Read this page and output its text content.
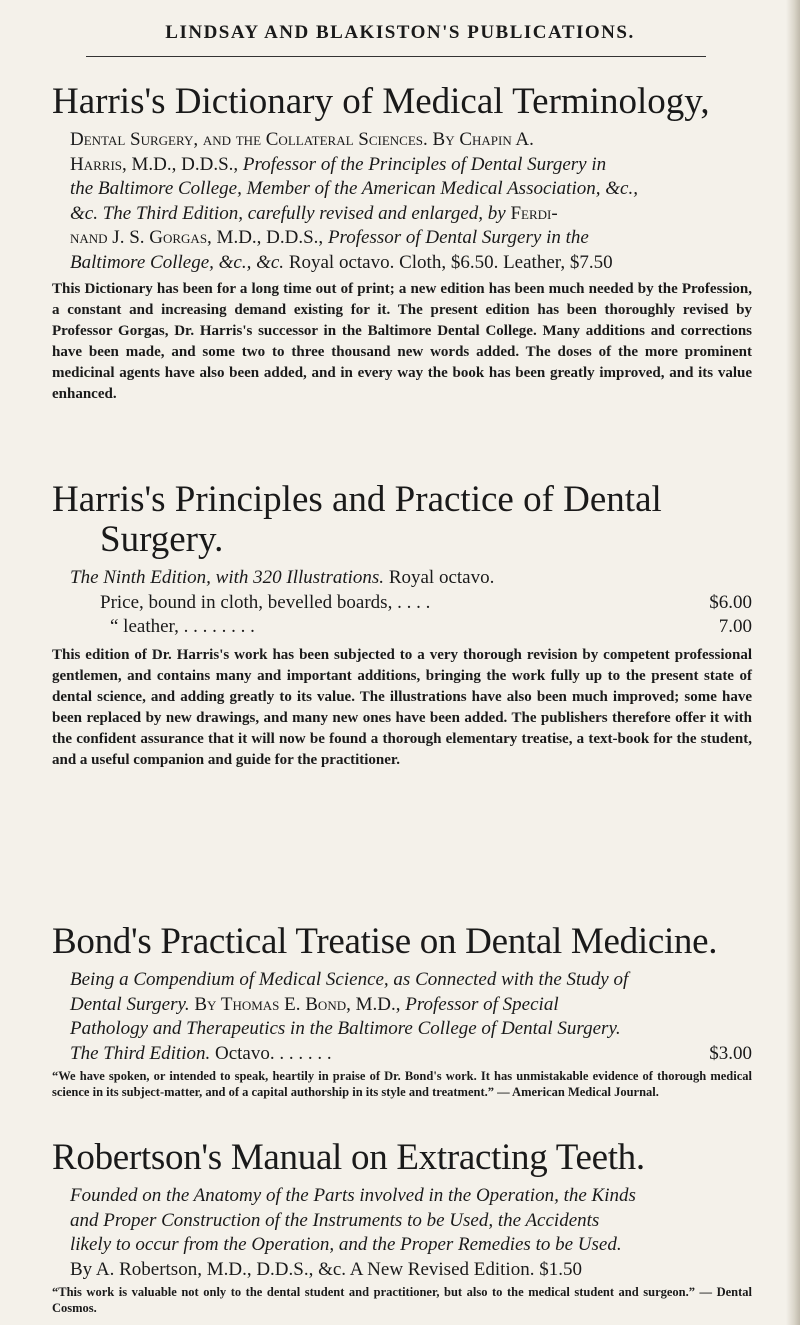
LINDSAY AND BLAKISTON'S PUBLICATIONS.
Harris's Dictionary of Medical Terminology,
Dental Surgery, and the Collateral Sciences. By Chapin A.
Harris, M.D., D.D.S., Professor of the Principles of Dental Surgery in
the Baltimore College, Member of the American Medical Association, &c.,
&c. The Third Edition, carefully revised and enlarged, by Ferdi-
nand J. S. Gorgas, M.D., D.D.S., Professor of Dental Surgery in the
Baltimore College, &c., &c. Royal octavo. Cloth, $6.50. Leather, $7.50

This Dictionary has been for a long time out of print; a new edition has been much needed by the Profession, a constant and increasing demand existing for it. The present edition has been thoroughly revised by Professor Gorgas, Dr. Harris's successor in the Baltimore Dental College. Many additions and corrections have been made, and some two to three thousand new words added. The doses of the more prominent medicinal agents have also been added, and in every way the book has been greatly improved, and its value enhanced.

Harris's Principles and Practice of Dental
Surgery.
The Ninth Edition, with 320 Illustrations. Royal octavo.
Price, bound in cloth, bevelled boards, . . . .	$6.00
“ leather, . . . . . . . .	7.00

This edition of Dr. Harris's work has been subjected to a very thorough revision by competent professional gentlemen, and contains many and important additions, bringing the work fully up to the present state of dental science, and adding greatly to its value. The illustrations have also been much improved; some have been replaced by new drawings, and many new ones have been added. The publishers therefore offer it with the confident assurance that it will now be found a thorough elementary treatise, a text-book for the student, and a useful companion and guide for the practitioner.

Bond's Practical Treatise on Dental Medicine.
Being a Compendium of Medical Science, as Connected with the Study of
Dental Surgery. By Thomas E. Bond, M.D., Professor of Special
Pathology and Therapeutics in the Baltimore College of Dental Surgery.
The Third Edition. Octavo. . . . . . .	$3.00

“We have spoken, or intended to speak, heartily in praise of Dr. Bond's work. It has unmistakable evidence of thorough medical science in its subject-matter, and of a capital authorship in its style and treatment.” — American Medical Journal.

Robertson's Manual on Extracting Teeth.
Founded on the Anatomy of the Parts involved in the Operation, the Kinds
and Proper Construction of the Instruments to be Used, the Accidents
likely to occur from the Operation, and the Proper Remedies to be Used.
By A. Robertson, M.D., D.D.S., &c. A New Revised Edition. $1.50

“This work is valuable not only to the dental student and practitioner, but also to the medical student and surgeon.” — Dental Cosmos.
